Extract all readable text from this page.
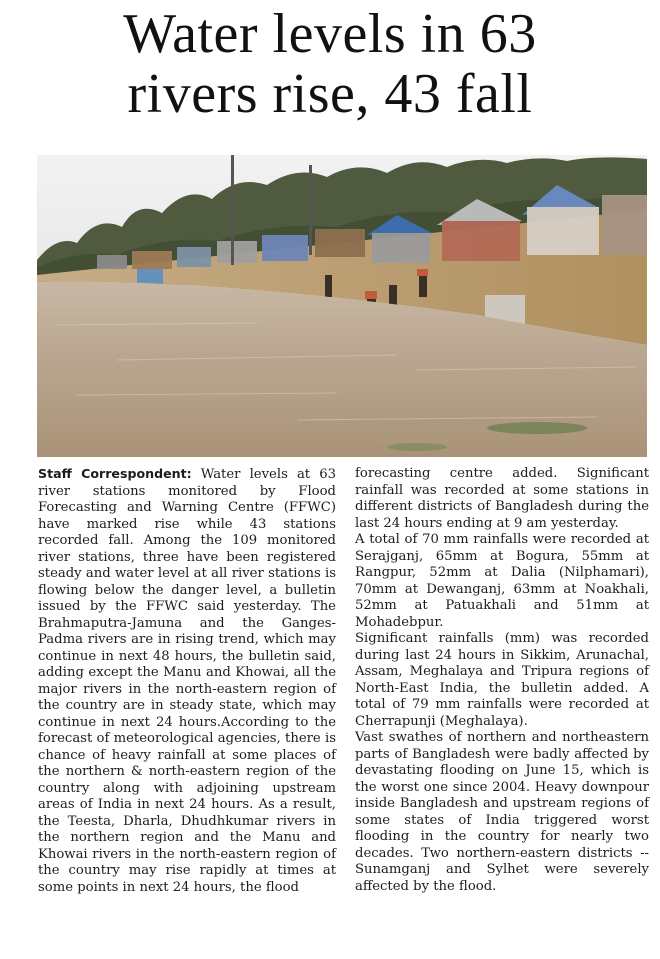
Water levels in 63
rivers rise, 43 fall

Staff Correspondent: Water levels at 63 river stations monitored by Flood Forecasting and Warning Centre (FFWC) have marked rise while 43 stations recorded fall. Among the 109 monitored river stations, three have been registered steady and water level at all river stations is flowing below the danger level, a bulletin issued by the FFWC said yesterday. The Brahmaputra-Jamuna and the Ganges-Padma rivers are in rising trend, which may continue in next 48 hours, the bulletin said, adding except the Manu and Khowai, all the major rivers in the north-eastern region of the country are in steady state, which may continue in next 24 hours.According to the forecast of meteorological agencies, there is chance of heavy rainfall at some places of the northern & north-eastern region of the country along with adjoining upstream areas of India in next 24 hours. As a result, the Teesta, Dharla, Dhudhkumar rivers in the northern region and the Manu and Khowai rivers in the north-eastern region of the country may rise rapidly at times at some points in next 24 hours, the flood

forecasting centre added. Significant rainfall was recorded at some stations in different districts of Bangladesh during the last 24 hours ending at 9 am yesterday.

A total of 70 mm rainfalls were recorded at Serajganj, 65mm at Bogura, 55mm at Rangpur, 52mm at Dalia (Nilphamari), 70mm at Dewanganj, 63mm at Noakhali, 52mm at Patuakhali and 51mm at Mohadebpur.

Significant rainfalls (mm) was recorded during last 24 hours in Sikkim, Arunachal, Assam, Meghalaya and Tripura regions of North-East India, the bulletin added. A total of 79 mm rainfalls were recorded at Cherrapunji (Meghalaya).

Vast swathes of northern and northeastern parts of Bangladesh were badly affected by devastating flooding on June 15, which is the worst one since 2004. Heavy downpour inside Bangladesh and upstream regions of some states of India triggered worst flooding in the country for nearly two decades. Two northern-eastern districts -- Sunamganj and Sylhet were severely affected by the flood.
